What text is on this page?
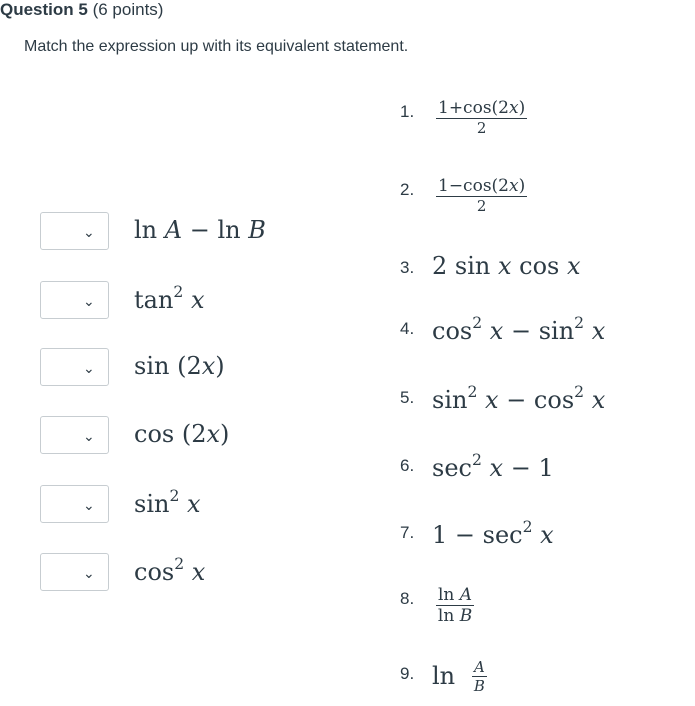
Question 5 (6 points)
Match the expression up with its equivalent statement.
⌄ ln A − ln B
⌄ $\tan^2 x$
⌄ sin (2x)
⌄ cos (2x)
⌄ $\sin^2 x$
⌄ $\cos^2 x$
1. $\frac{1+\cos(2x)}{2}$
2. $\frac{1-\cos(2x)}{2}$
3. 2 sin x cos x
4. $\cos^2 x - \sin^2 x$
5. $\sin^2 x - \cos^2 x$
6. $\sec^2 x - 1$
7. $1 - \sec^2 x$
8. $\frac{\text{ln A}}{\text{ln B}}$
9. $\ln \frac{A}{B}$
